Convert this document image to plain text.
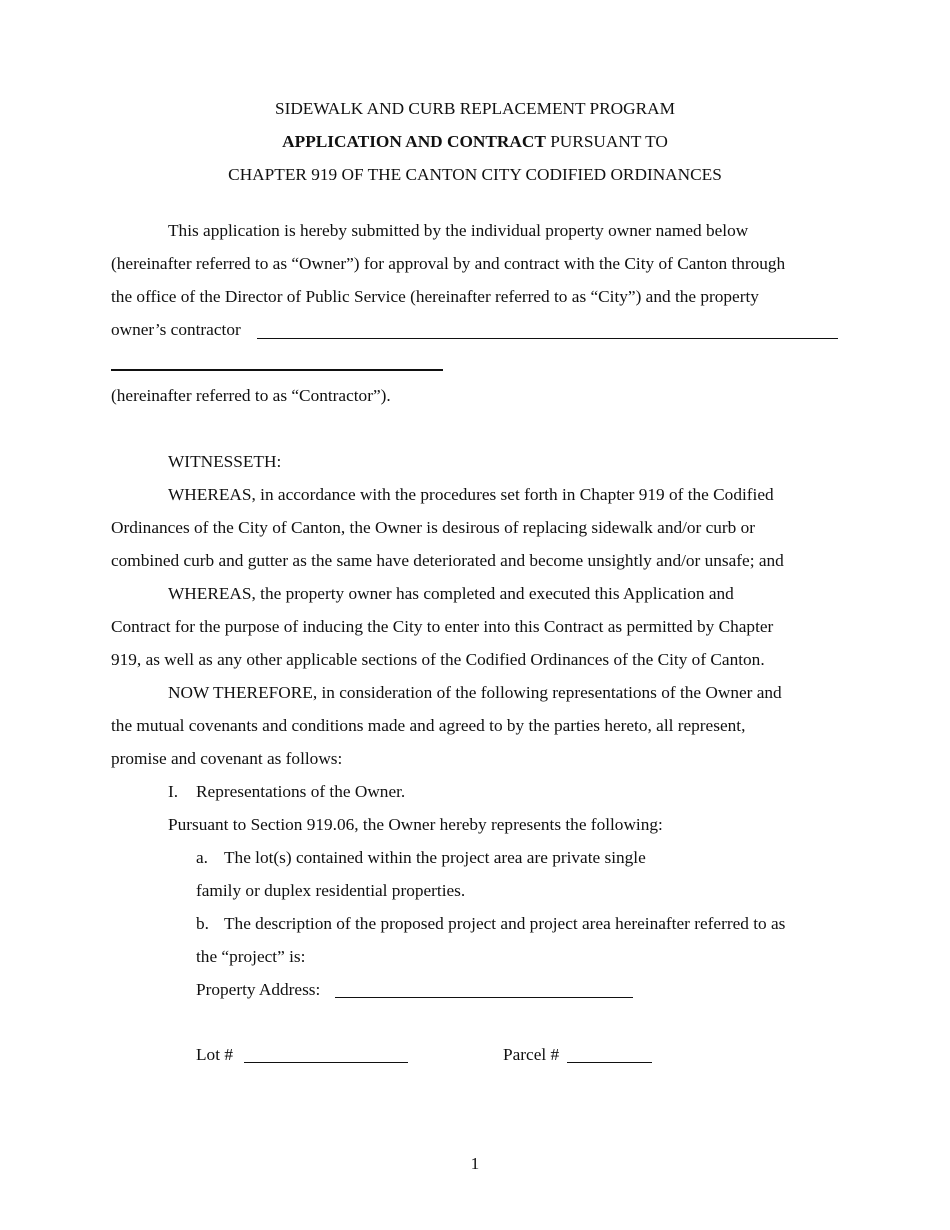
SIDEWALK AND CURB REPLACEMENT PROGRAM
APPLICATION AND CONTRACT PURSUANT TO
CHAPTER 919 OF THE CANTON CITY CODIFIED ORDINANCES
This application is hereby submitted by the individual property owner named below
(hereinafter referred to as “Owner”) for approval by and contract with the City of Canton through
the office of the Director of Public Service (hereinafter referred to as “City”) and the property
owner’s contractor
(hereinafter referred to as “Contractor”).
WITNESSETH:
WHEREAS, in accordance with the procedures set forth in Chapter 919 of the Codified
Ordinances of the City of Canton, the Owner is desirous of replacing sidewalk and/or curb or
combined curb and gutter as the same have deteriorated and become unsightly and/or unsafe; and
WHEREAS, the property owner has completed and executed this Application and
Contract for the purpose of inducing the City to enter into this Contract as permitted by Chapter
919, as well as any other applicable sections of the Codified Ordinances of the City of Canton.
NOW THEREFORE, in consideration of the following representations of the Owner and
the mutual covenants and conditions made and agreed to by the parties hereto, all represent,
promise and covenant as follows:
I. Representations of the Owner.
Pursuant to Section 919.06, the Owner hereby represents the following:
a. The lot(s) contained within the project area are private single
family or duplex residential properties.
b. The description of the proposed project and project area hereinafter referred to as
the “project” is:
Property Address:
Lot #	Parcel #
1
